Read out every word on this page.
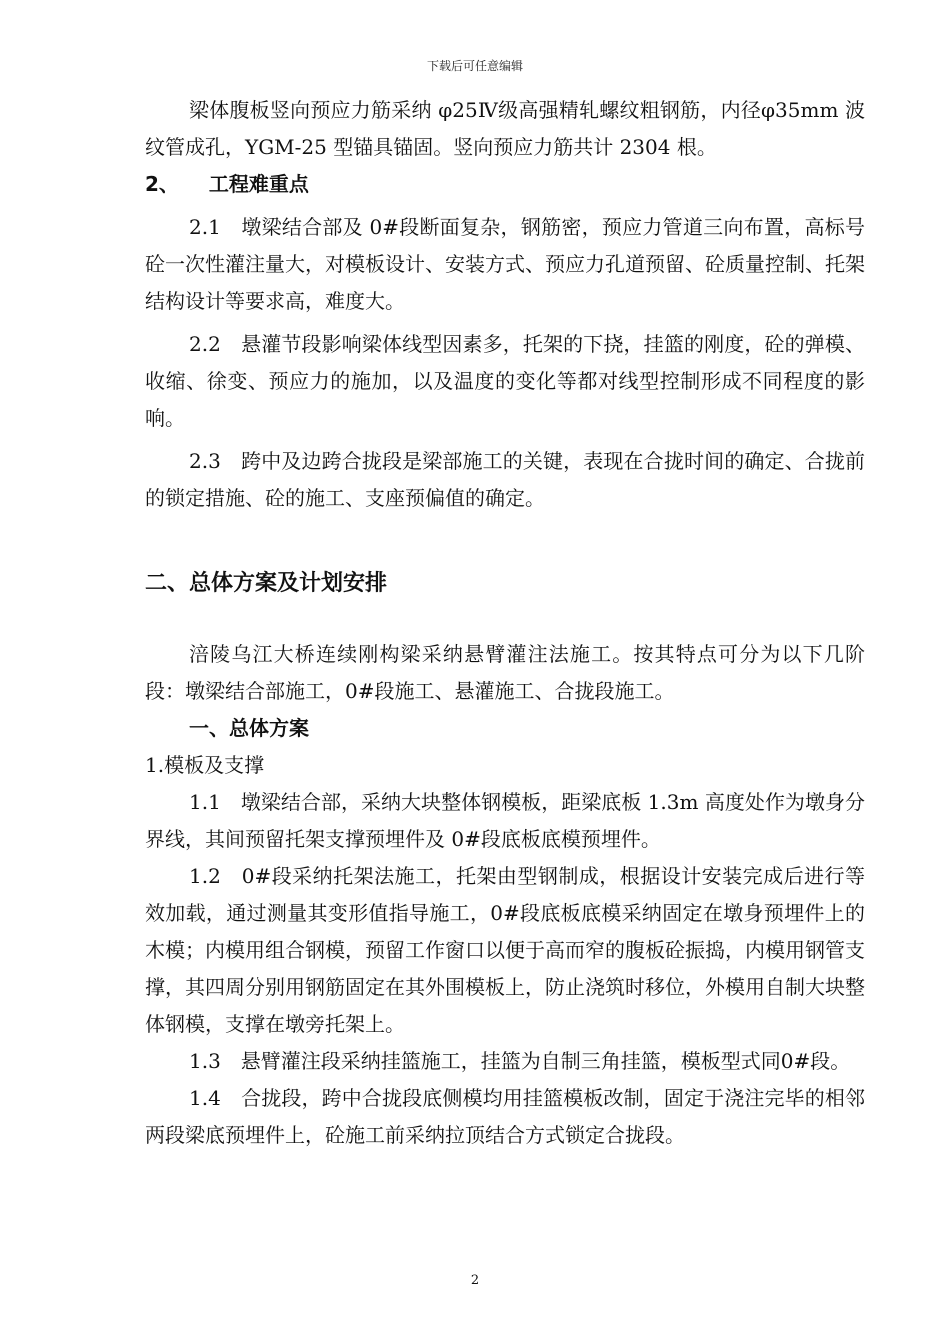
下载后可任意编辑

梁体腹板竖向预应力筋采纳 φ25Ⅳ级高强精轧螺纹粗钢筋，内径φ35mm 波纹管成孔，YGM-25 型锚具锚固。竖向预应力筋共计 2304 根。

2、　　工程难重点

2.1　墩梁结合部及 0#段断面复杂，钢筋密，预应力管道三向布置，高标号砼一次性灌注量大，对模板设计、安装方式、预应力孔道预留、砼质量控制、托架结构设计等要求高，难度大。

2.2　悬灌节段影响梁体线型因素多，托架的下挠，挂篮的刚度，砼的弹模、收缩、徐变、预应力的施加，以及温度的变化等都对线型控制形成不同程度的影响。

2.3　跨中及边跨合拢段是梁部施工的关键，表现在合拢时间的确定、合拢前的锁定措施、砼的施工、支座预偏值的确定。

二、总体方案及计划安排

涪陵乌江大桥连续刚构梁采纳悬臂灌注法施工。按其特点可分为以下几阶段：墩梁结合部施工，0#段施工、悬灌施工、合拢段施工。

一、总体方案

1.模板及支撑

1.1　墩梁结合部，采纳大块整体钢模板，距梁底板 1.3m 高度处作为墩身分界线，其间预留托架支撑预埋件及 0#段底板底模预埋件。

1.2　0#段采纳托架法施工，托架由型钢制成，根据设计安装完成后进行等效加载，通过测量其变形值指导施工，0#段底板底模采纳固定在墩身预埋件上的木模；内模用组合钢模，预留工作窗口以便于高而窄的腹板砼振捣，内模用钢管支撑，其四周分别用钢筋固定在其外围模板上，防止浇筑时移位，外模用自制大块整体钢模，支撑在墩旁托架上。

1.3　悬臂灌注段采纳挂篮施工，挂篮为自制三角挂篮，模板型式同0#段。

1.4　合拢段，跨中合拢段底侧模均用挂篮模板改制，固定于浇注完毕的相邻两段梁底预埋件上，砼施工前采纳拉顶结合方式锁定合拢段。

2
